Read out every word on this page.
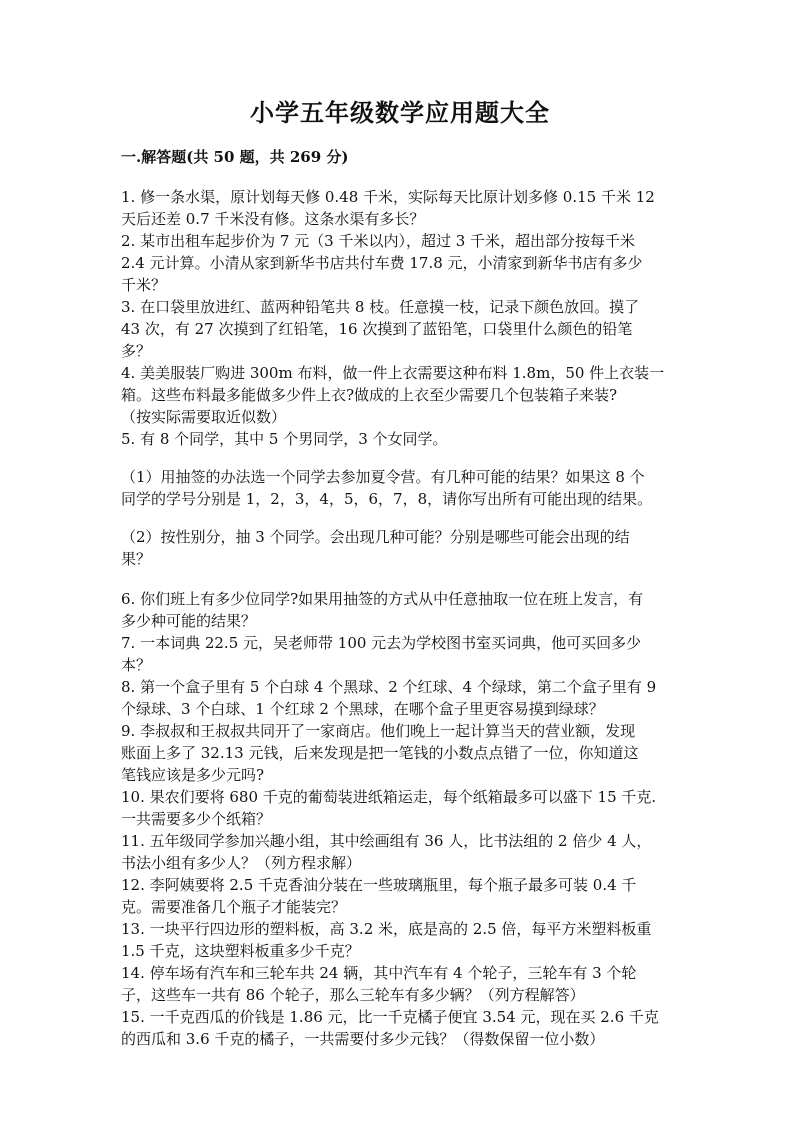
小学五年级数学应用题大全
一.解答题(共 50 题，共 269 分)
1. 修一条水渠，原计划每天修 0.48 千米，实际每天比原计划多修 0.15 千米 12
天后还差 0.7 千米没有修。这条水渠有多长？
2. 某市出租车起步价为 7 元（3 千米以内），超过 3 千米，超出部分按每千米
2.4 元计算。小清从家到新华书店共付车费 17.8 元，小清家到新华书店有多少
千米？
3. 在口袋里放进红、蓝两种铅笔共 8 枝。任意摸一枝，记录下颜色放回。摸了
43 次，有 27 次摸到了红铅笔，16 次摸到了蓝铅笔，口袋里什么颜色的铅笔
多？
4. 美美服装厂购进 300m 布料，做一件上衣需要这种布料 1.8m，50 件上衣装一
箱。这些布料最多能做多少件上衣?做成的上衣至少需要几个包装箱子来装?
（按实际需要取近似数）
5. 有 8 个同学，其中 5 个男同学，3 个女同学。
（1）用抽签的办法选一个同学去参加夏令营。有几种可能的结果？如果这 8 个
同学的学号分别是 1，2，3，4，5，6，7，8，请你写出所有可能出现的结果。
（2）按性别分，抽 3 个同学。会出现几种可能？分别是哪些可能会出现的结
果？
6. 你们班上有多少位同学?如果用抽签的方式从中任意抽取一位在班上发言，有
多少种可能的结果？
7. 一本词典 22.5 元，吴老师带 100 元去为学校图书室买词典，他可买回多少
本？
8. 第一个盒子里有 5 个白球 4 个黑球、2 个红球、4 个绿球，第二个盒子里有 9
个绿球、3 个白球、1 个红球 2 个黑球，在哪个盒子里更容易摸到绿球？
9. 李叔叔和王叔叔共同开了一家商店。他们晚上一起计算当天的营业额，发现
账面上多了 32.13 元钱，后来发现是把一笔钱的小数点点错了一位，你知道这
笔钱应该是多少元吗?
10. 果农们要将 680 千克的葡萄装进纸箱运走，每个纸箱最多可以盛下 15 千克.
一共需要多少个纸箱？
11. 五年级同学参加兴趣小组，其中绘画组有 36 人，比书法组的 2 倍少 4 人，
书法小组有多少人？（列方程求解）
12. 李阿姨要将 2.5 千克香油分装在一些玻璃瓶里，每个瓶子最多可装 0.4 千
克。需要准备几个瓶子才能装完？
13. 一块平行四边形的塑料板，高 3.2 米，底是高的 2.5 倍，每平方米塑料板重
1.5 千克，这块塑料板重多少千克？
14. 停车场有汽车和三轮车共 24 辆，其中汽车有 4 个轮子，三轮车有 3 个轮
子，这些车一共有 86 个轮子，那么三轮车有多少辆？（列方程解答）
15. 一千克西瓜的价钱是 1.86 元，比一千克橘子便宜 3.54 元，现在买 2.6 千克
的西瓜和 3.6 千克的橘子，一共需要付多少元钱？（得数保留一位小数）
